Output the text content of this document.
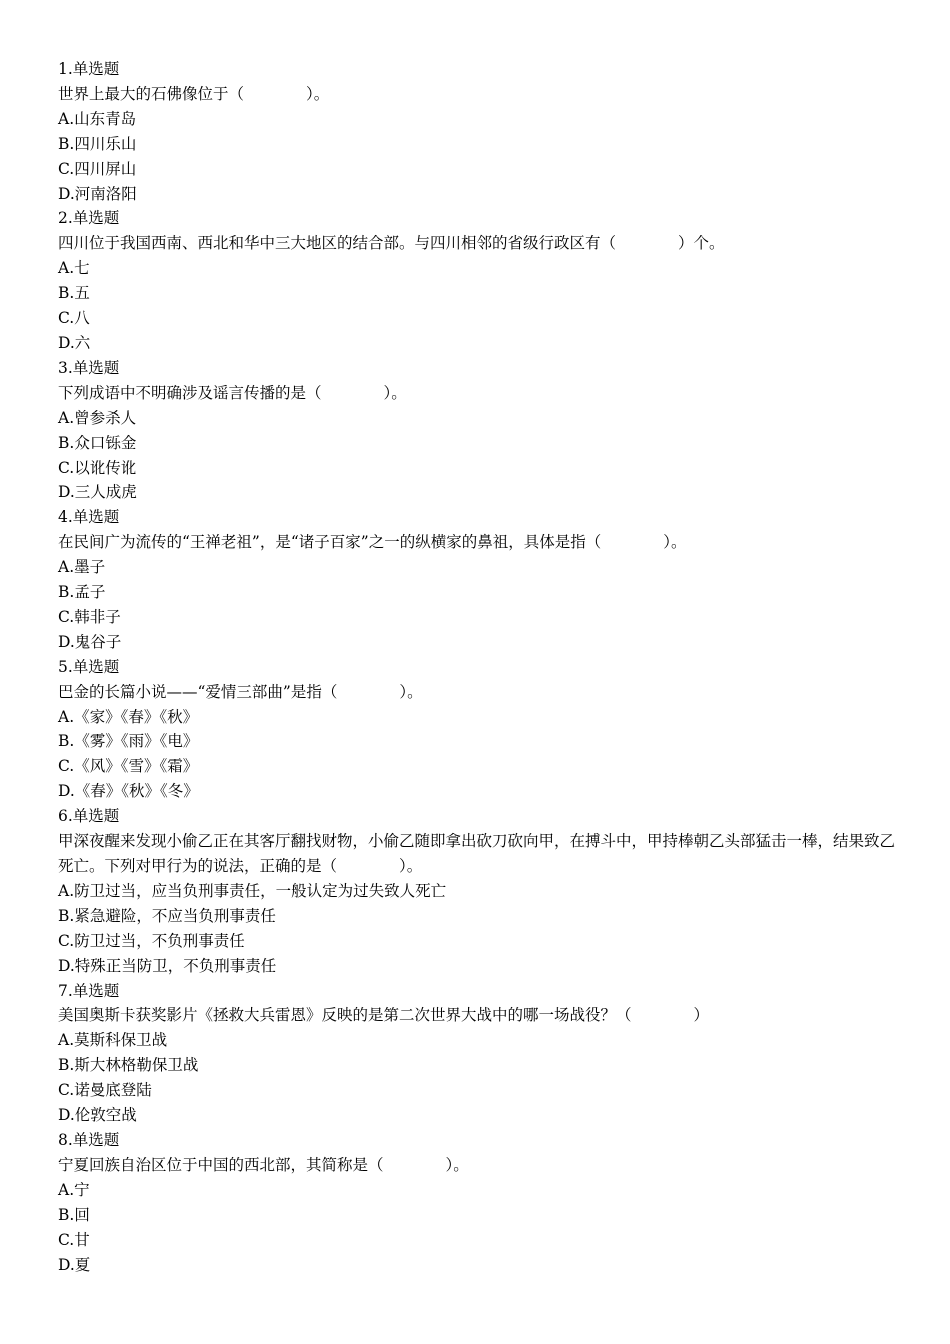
1.单选题

世界上最大的石佛像位于（　　　　）。

A.山东青岛

B.四川乐山

C.四川屏山

D.河南洛阳

2.单选题

四川位于我国西南、西北和华中三大地区的结合部。与四川相邻的省级行政区有（　　　　）个。

A.七

B.五

C.八

D.六

3.单选题

下列成语中不明确涉及谣言传播的是（　　　　）。

A.曾参杀人

B.众口铄金

C.以讹传讹

D.三人成虎

4.单选题

在民间广为流传的“王禅老祖”，是“诸子百家”之一的纵横家的鼻祖，具体是指（　　　　）。

A.墨子

B.孟子

C.韩非子

D.鬼谷子

5.单选题

巴金的长篇小说——“爱情三部曲”是指（　　　　）。

A.《家》《春》《秋》

B.《雾》《雨》《电》

C.《风》《雪》《霜》

D.《春》《秋》《冬》

6.单选题

甲深夜醒来发现小偷乙正在其客厅翻找财物，小偷乙随即拿出砍刀砍向甲，在搏斗中，甲持棒朝乙头部猛击一棒，结果致乙死亡。下列对甲行为的说法，正确的是（　　　　）。

A.防卫过当，应当负刑事责任，一般认定为过失致人死亡

B.紧急避险，不应当负刑事责任

C.防卫过当，不负刑事责任

D.特殊正当防卫，不负刑事责任

7.单选题

美国奥斯卡获奖影片《拯救大兵雷恩》反映的是第二次世界大战中的哪一场战役？（　　　　）

A.莫斯科保卫战

B.斯大林格勒保卫战

C.诺曼底登陆

D.伦敦空战

8.单选题

宁夏回族自治区位于中国的西北部，其简称是（　　　　）。

A.宁

B.回

C.甘

D.夏
